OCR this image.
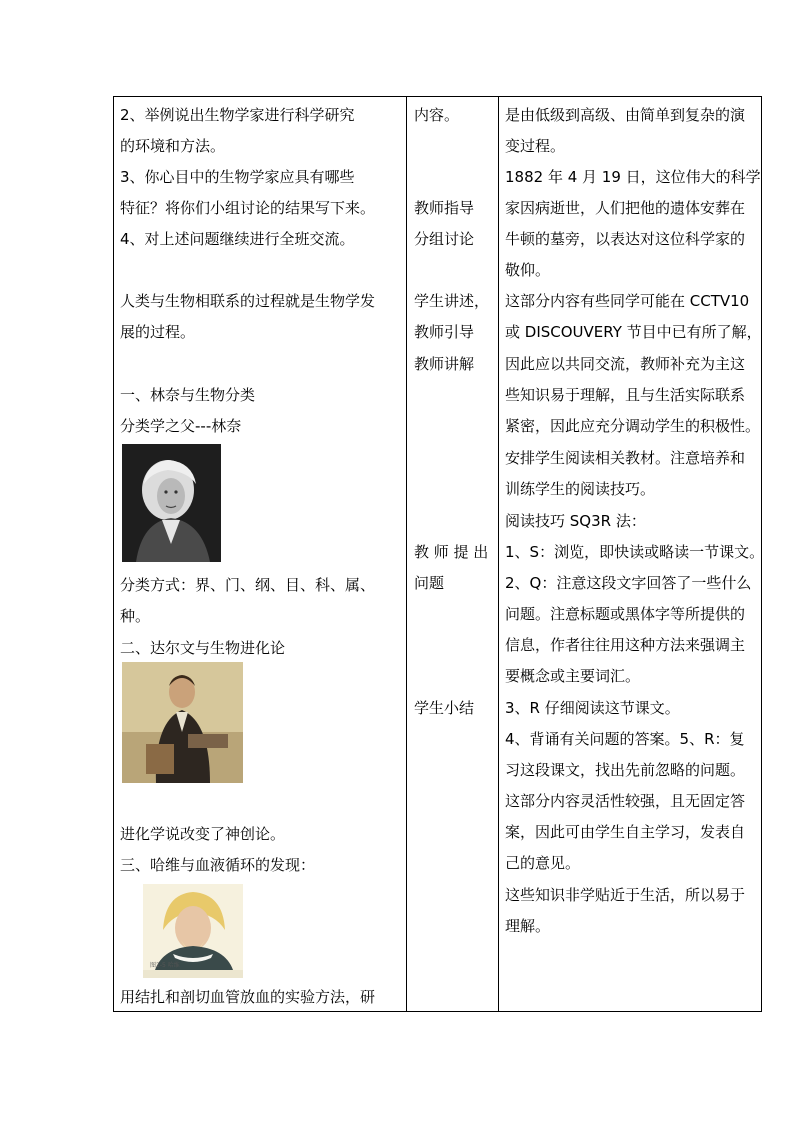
2、举例说出生物学家进行科学研究
的环境和方法。
3、你心目中的生物学家应具有哪些
特征？将你们小组讨论的结果写下来。
4、对上述问题继续进行全班交流。
人类与生物相联系的过程就是生物学发
展的过程。
一、林奈与生物分类
分类学之父---林奈
分类方式：界、门、纲、目、科、属、
种。
二、达尔文与生物进化论
进化学说改变了神创论。
三、哈维与血液循环的发现：
图2-5 哈维
用结扎和剖切血管放血的实验方法，研
内容。
教师指导
分组讨论
学生讲述，
教师引导
教师讲解
教 师 提 出
问题
学生小结
是由低级到高级、由简单到复杂的演
变过程。
1882 年 4 月 19 日，这位伟大的科学
家因病逝世，人们把他的遗体安葬在
牛顿的墓旁，以表达对这位科学家的
敬仰。
这部分内容有些同学可能在 CCTV10
或 DISCOUVERY 节目中已有所了解，
因此应以共同交流，教师补充为主这
些知识易于理解，且与生活实际联系
紧密，因此应充分调动学生的积极性。
安排学生阅读相关教材。注意培养和
训练学生的阅读技巧。
阅读技巧 SQ3R 法：
1、S：浏览，即快读或略读一节课文。
2、Q：注意这段文字回答了一些什么
问题。注意标题或黑体字等所提供的
信息，作者往往用这种方法来强调主
要概念或主要词汇。
3、R 仔细阅读这节课文。
4、背诵有关问题的答案。5、R：复
习这段课文，找出先前忽略的问题。
这部分内容灵活性较强，且无固定答
案，因此可由学生自主学习，发表自
己的意见。
这些知识非学贴近于生活，所以易于
理解。
